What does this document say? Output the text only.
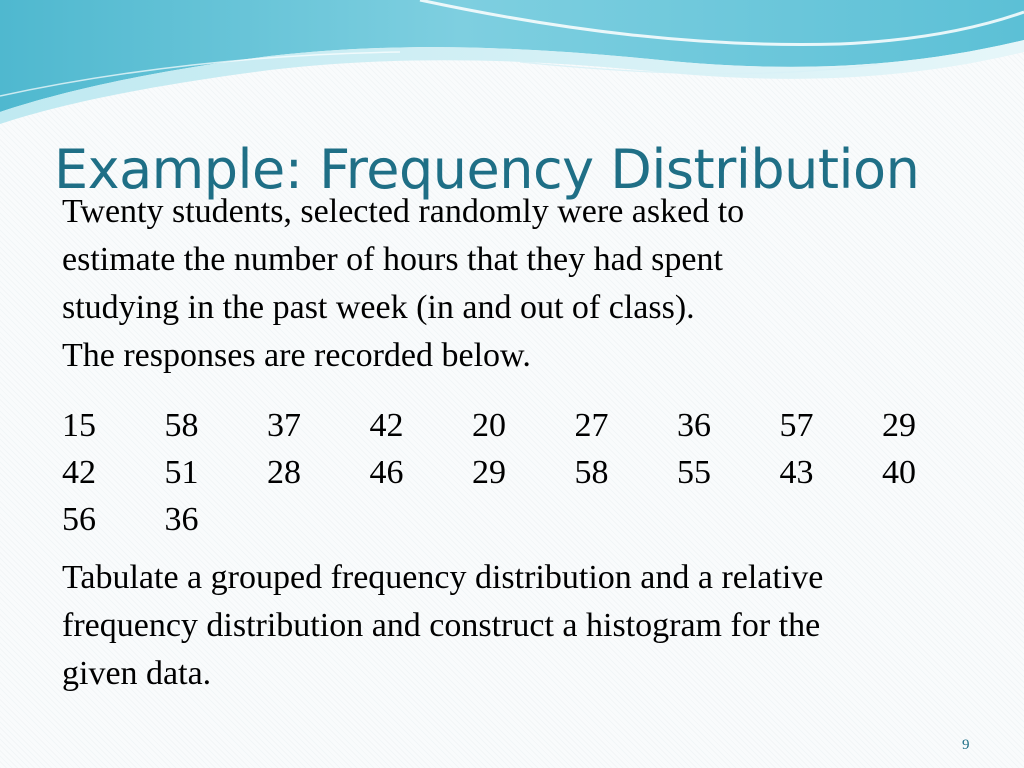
Example: Frequency Distribution
Twenty students, selected randomly were asked to
estimate the number of hours that they had spent
studying in the past week (in and out of class).
The responses are recorded below.
15	58	37	42	20	27	36	57	29
42	51	28	46	29	58	55	43	40
56	36
Tabulate a grouped frequency distribution and a relative
frequency distribution and construct a histogram for the
given data.
9
